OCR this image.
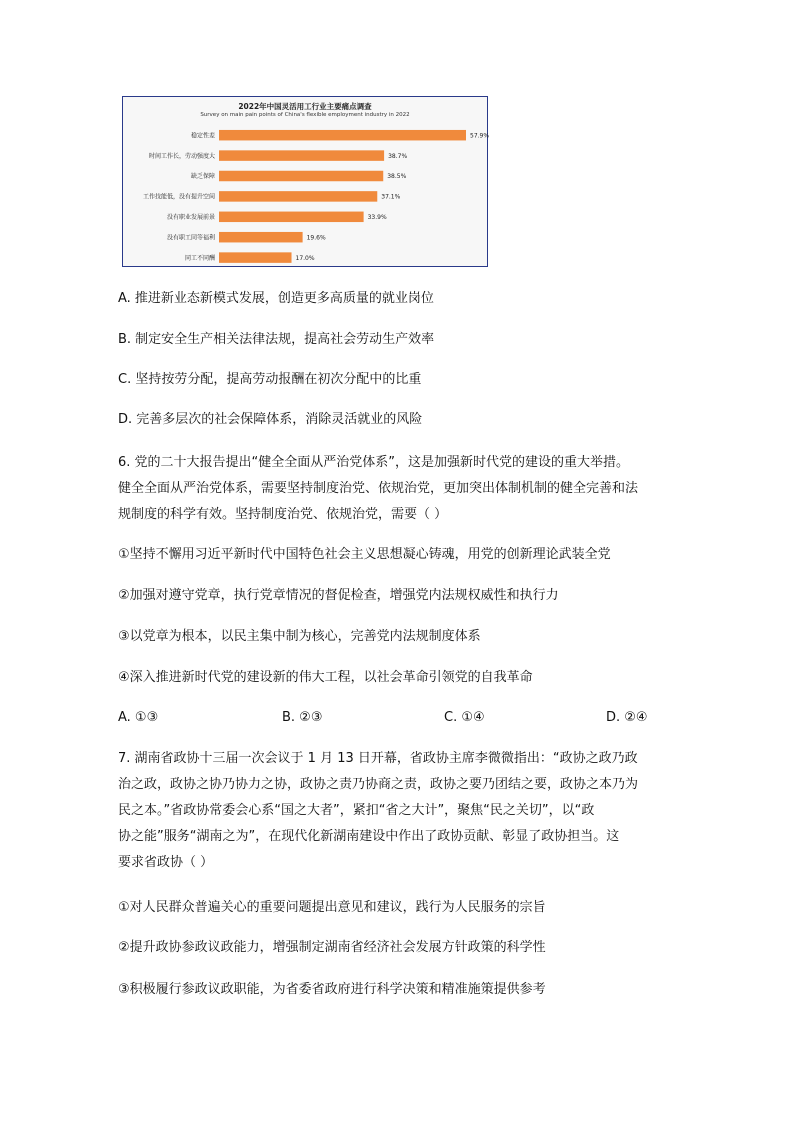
稳定性差	57.9%
时间工作长，劳动强度大	38.7%
缺乏保障	38.5%
工作技能低，没有提升空间	37.1%
没有职业发展前景	33.9%
没有职工同等福利	19.6%
同工不同酬	17.0%
2022年中国灵活用工行业主要痛点调查
Survey on main pain points of China's flexible employment industry in 2022
A. 推进新业态新模式发展，创造更多高质量的就业岗位
B. 制定安全生产相关法律法规，提高社会劳动生产效率
C. 坚持按劳分配，提高劳动报酬在初次分配中的比重
D. 完善多层次的社会保障体系，消除灵活就业的风险
6. 党的二十大报告提出“健全全面从严治党体系”，这是加强新时代党的建设的重大举措。
健全全面从严治党体系，需要坚持制度治党、依规治党，更加突出体制机制的健全完善和法
规制度的科学有效。坚持制度治党、依规治党，需要（ ）
①坚持不懈用习近平新时代中国特色社会主义思想凝心铸魂，用党的创新理论武装全党
②加强对遵守党章，执行党章情况的督促检查，增强党内法规权威性和执行力
③以党章为根本，以民主集中制为核心，完善党内法规制度体系
④深入推进新时代党的建设新的伟大工程，以社会革命引领党的自我革命
A. ①③	B. ②③	C. ①④	D. ②④
7. 湖南省政协十三届一次会议于 1 月 13 日开幕，省政协主席李微微指出：“政协之政乃政
治之政，政协之协乃协力之协，政协之责乃协商之责，政协之要乃团结之要，政协之本乃为
民之本。”省政协常委会心系“国之大者”，紧扣“省之大计”，聚焦“民之关切”，以“政
协之能”服务“湖南之为”，在现代化新湖南建设中作出了政协贡献、彰显了政协担当。这
要求省政协（ ）
①对人民群众普遍关心的重要问题提出意见和建议，践行为人民服务的宗旨
②提升政协参政议政能力，增强制定湖南省经济社会发展方针政策的科学性
③积极履行参政议政职能，为省委省政府进行科学决策和精准施策提供参考
